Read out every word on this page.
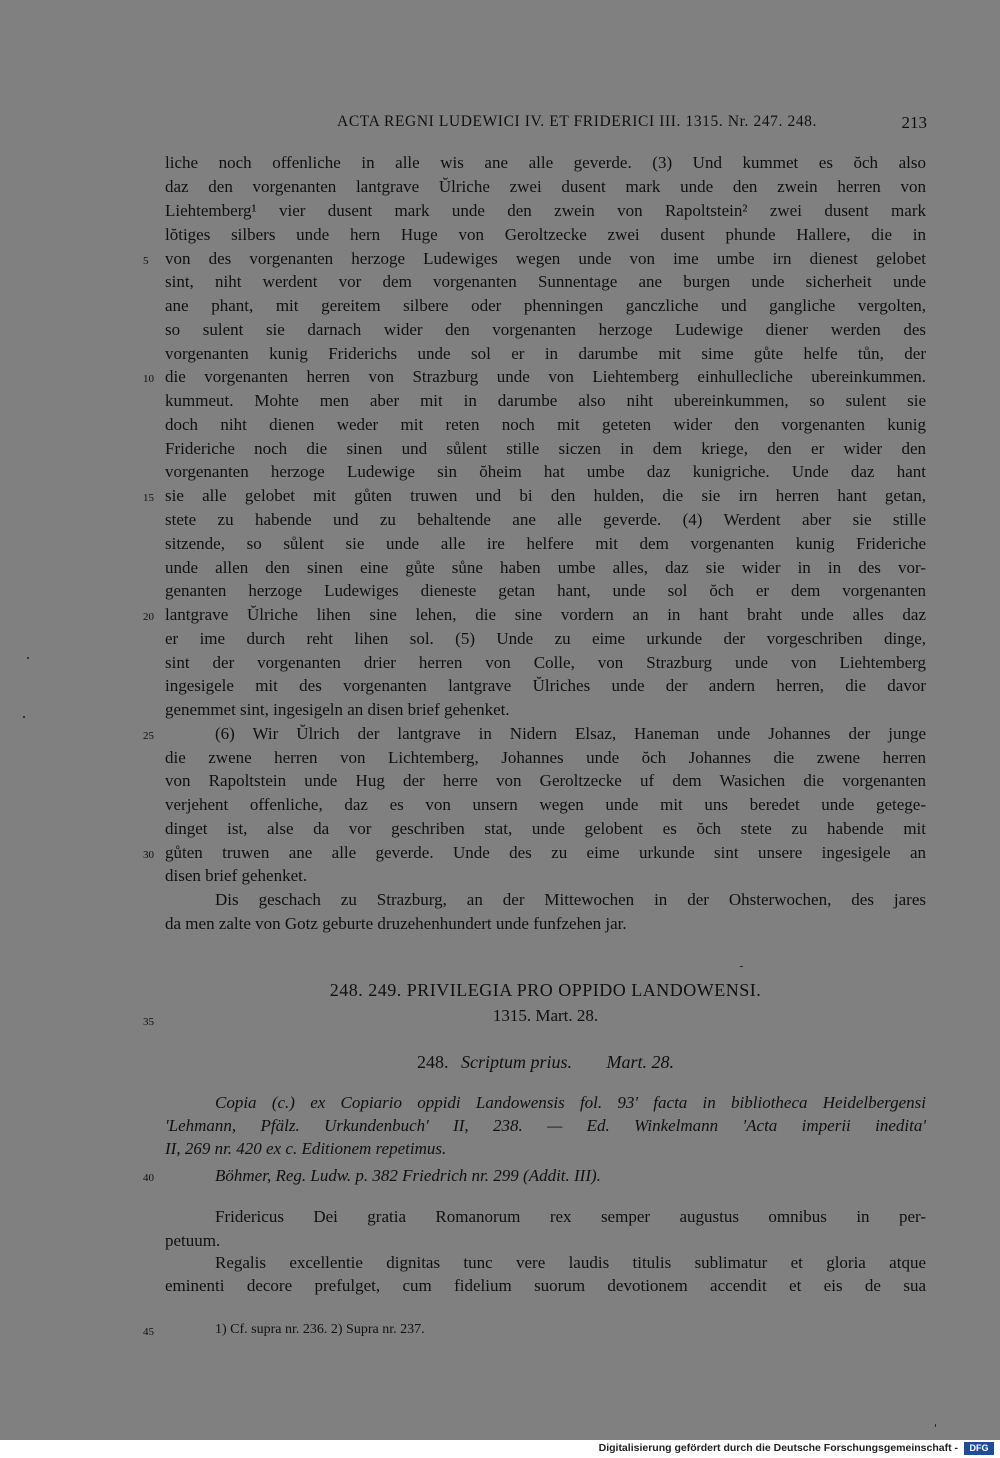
ACTA REGNI LUDEWICI IV. ET FRIDERICI III. 1315. Nr. 247. 248.	213
liche noch offenliche in alle wis ane alle geverde. (3) Und kummet es ŏch also
daz den vorgenanten lantgrave Ŭlriche zwei dusent mark unde den zwein herren von
Liehtemberg¹ vier dusent mark unde den zwein von Rapoltstein² zwei dusent mark
lŏtiges silbers unde hern Huge von Geroltzecke zwei dusent phunde Hallere, die in
von des vorgenanten herzoge Ludewiges wegen unde von ime umbe irn dienest gelobet
sint, niht werdent vor dem vorgenanten Sunnentage ane burgen unde sicherheit unde
ane phant, mit gereitem silbere oder phenningen ganczliche und gangliche vergolten,
so sulent sie darnach wider den vorgenanten herzoge Ludewige diener werden des
vorgenanten kunig Friderichs unde sol er in darumbe mit sime gůte helfe tůn, der
die vorgenanten herren von Strazburg unde von Liehtemberg einhullecliche ubereinkummen.
kummeut. Mohte men aber mit in darumbe also niht ubereinkummen, so sulent sie
doch niht dienen weder mit reten noch mit geteten wider den vorgenanten kunig
Frideriche noch die sinen und sůlent stille siczen in dem kriege, den er wider den
vorgenanten herzoge Ludewige sin ŏheim hat umbe daz kunigriche. Unde daz hant
sie alle gelobet mit gůten truwen und bi den hulden, die sie irn herren hant getan,
stete zu habende und zu behaltende ane alle geverde. (4) Werdent aber sie stille
sitzende, so sůlent sie unde alle ire helfere mit dem vorgenanten kunig Frideriche
unde allen den sinen eine gůte sůne haben umbe alles, daz sie wider in in des vor-
genanten herzoge Ludewiges dieneste getan hant, unde sol ŏch er dem vorgenanten
lantgrave Ŭlriche lihen sine lehen, die sine vordern an in hant braht unde alles daz
er ime durch reht lihen sol. (5) Unde zu eime urkunde der vorgeschriben dinge,
sint der vorgenanten drier herren von Colle, von Strazburg unde von Liehtemberg
ingesigele mit des vorgenanten lantgrave Ŭlriches unde der andern herren, die davor
genemmet sint, ingesigeln an disen brief gehenket.
(6) Wir Ŭlrich der lantgrave in Nidern Elsaz, Haneman unde Johannes der junge
die zwene herren von Lichtemberg, Johannes unde ŏch Johannes die zwene herren
von Rapoltstein unde Hug der herre von Geroltzecke uf dem Wasichen die vorgenanten
verjehent offenliche, daz es von unsern wegen unde mit uns beredet unde getege-
dinget ist, alse da vor geschriben stat, unde gelobent es ŏch stete zu habende mit
gůten truwen ane alle geverde. Unde des zu eime urkunde sint unsere ingesigele an
disen brief gehenket.
Dis geschach zu Strazburg, an der Mittewochen in der Ohsterwochen, des jares
da men zalte von Gotz geburte druzehenhundert unde funfzehen jar.
5
10
15
20
25
30
35
40
45
248. 249. PRIVILEGIA PRO OPPIDO LANDOWENSI.
1315. Mart. 28.
248. Scriptum prius. Mart. 28.
Copia (c.) ex Copiario oppidi Landowensis fol. 93' facta in bibliotheca Heidelbergensi
'Lehmann, Pfälz. Urkundenbuch' II, 238. — Ed. Winkelmann 'Acta imperii inedita'
II, 269 nr. 420 ex c. Editionem repetimus.
Böhmer, Reg. Ludw. p. 382 Friedrich nr. 299 (Addit. III).
Fridericus Dei gratia Romanorum rex semper augustus omnibus in per-
petuum.
Regalis excellentie dignitas tunc vere laudis titulis sublimatur et gloria atque
eminenti decore prefulget, cum fidelium suorum devotionem accendit et eis de sua
1) Cf. supra nr. 236. 2) Supra nr. 237.
Digitalisierung gefördert durch die Deutsche Forschungsgemeinschaft -	DFG
